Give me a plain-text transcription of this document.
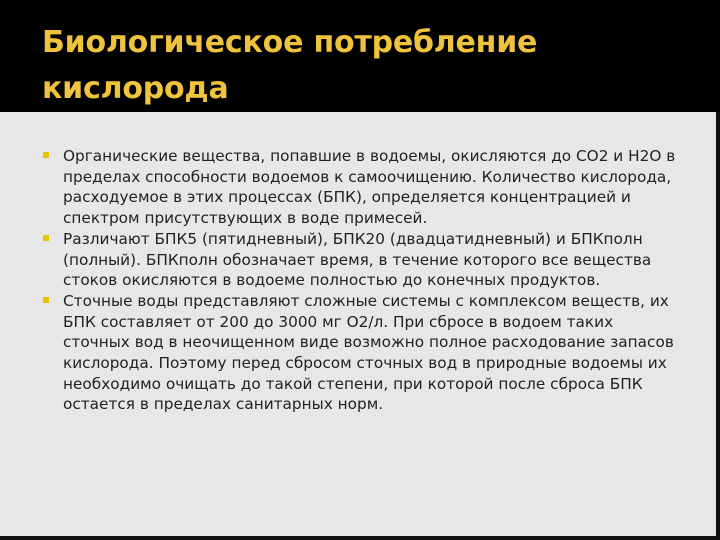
Биологическое потребление кислорода
Органические вещества, попавшие в водоемы, окисляются до СО2 и Н2О в пределах способности водоемов к самоочищению. Количество кислорода, расходуемое в этих процессах (БПК), определяется концентрацией и спектром присутствующих в воде примесей.
Различают БПК5 (пятидневный), БПК20 (двадцатидневный) и БПКполн (полный). БПКполн обозначает время, в течение которого все вещества стоков окисляются в водоеме полностью до конечных продуктов.
Сточные воды представляют сложные системы с комплексом веществ, их БПК составляет от 200 до 3000 мг О2/л. При сбросе в водоем таких сточных вод в неочищенном виде возможно полное расходование запасов кислорода. Поэтому перед сбросом сточных вод в природные водоемы их необходимо очищать до такой степени, при которой после сброса БПК остается в пределах санитарных норм.
